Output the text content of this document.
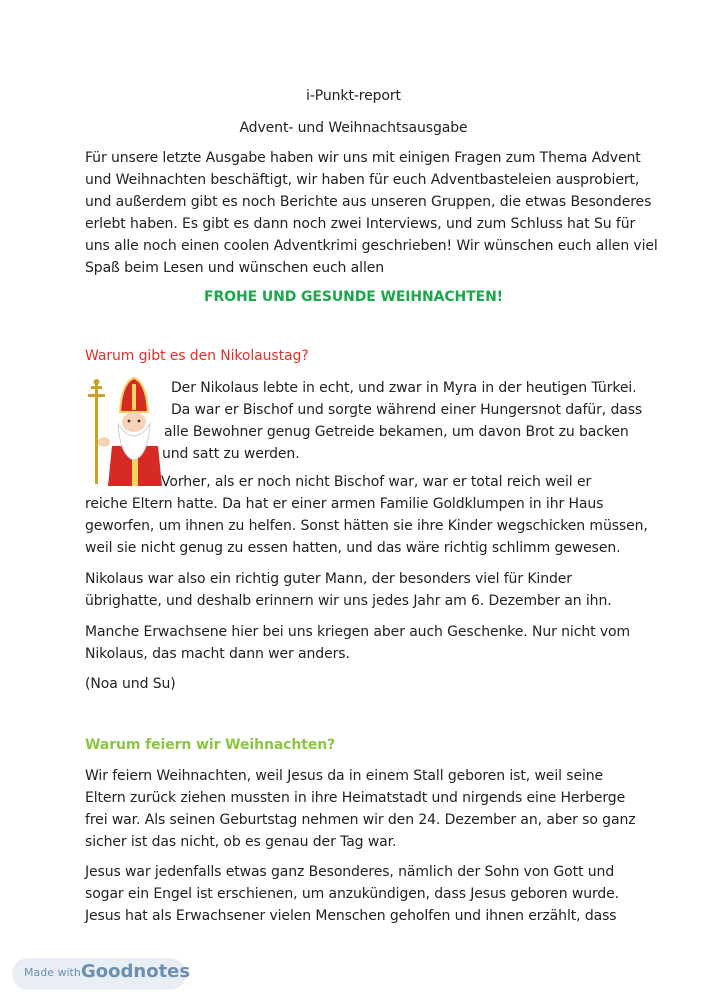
i-Punkt-report
Advent- und Weihnachtsausgabe
Für unsere letzte Ausgabe haben wir uns mit einigen Fragen zum Thema Advent
und Weihnachten beschäftigt, wir haben für euch Adventbasteleien ausprobiert,
und außerdem gibt es noch Berichte aus unseren Gruppen, die etwas Besonderes
erlebt haben. Es gibt es dann noch zwei Interviews, und zum Schluss hat Su für
uns alle noch einen coolen Adventkrimi geschrieben! Wir wünschen euch allen viel
Spaß beim Lesen und wünschen euch allen
FROHE UND GESUNDE WEIHNACHTEN!
Warum gibt es den Nikolaustag?
Der Nikolaus lebte in echt, und zwar in Myra in der heutigen Türkei.
Da war er Bischof und sorgte während einer Hungersnot dafür, dass
alle Bewohner genug Getreide bekamen, um davon Brot zu backen
und satt zu werden.
Vorher, als er noch nicht Bischof war, war er total reich weil er
reiche Eltern hatte. Da hat er einer armen Familie Goldklumpen in ihr Haus
geworfen, um ihnen zu helfen. Sonst hätten sie ihre Kinder wegschicken müssen,
weil sie nicht genug zu essen hatten, und das wäre richtig schlimm gewesen.
Nikolaus war also ein richtig guter Mann, der besonders viel für Kinder
übrighatte, und deshalb erinnern wir uns jedes Jahr am 6. Dezember an ihn.
Manche Erwachsene hier bei uns kriegen aber auch Geschenke. Nur nicht vom
Nikolaus, das macht dann wer anders.
(Noa und Su)
Warum feiern wir Weihnachten?
Wir feiern Weihnachten, weil Jesus da in einem Stall geboren ist, weil seine
Eltern zurück ziehen mussten in ihre Heimatstadt und nirgends eine Herberge
frei war. Als seinen Geburtstag nehmen wir den 24. Dezember an, aber so ganz
sicher ist das nicht, ob es genau der Tag war.
Jesus war jedenfalls etwas ganz Besonderes, nämlich der Sohn von Gott und
sogar ein Engel ist erschienen, um anzukündigen, dass Jesus geboren wurde.
Jesus hat als Erwachsener vielen Menschen geholfen und ihnen erzählt, dass
Made with Goodnotes
